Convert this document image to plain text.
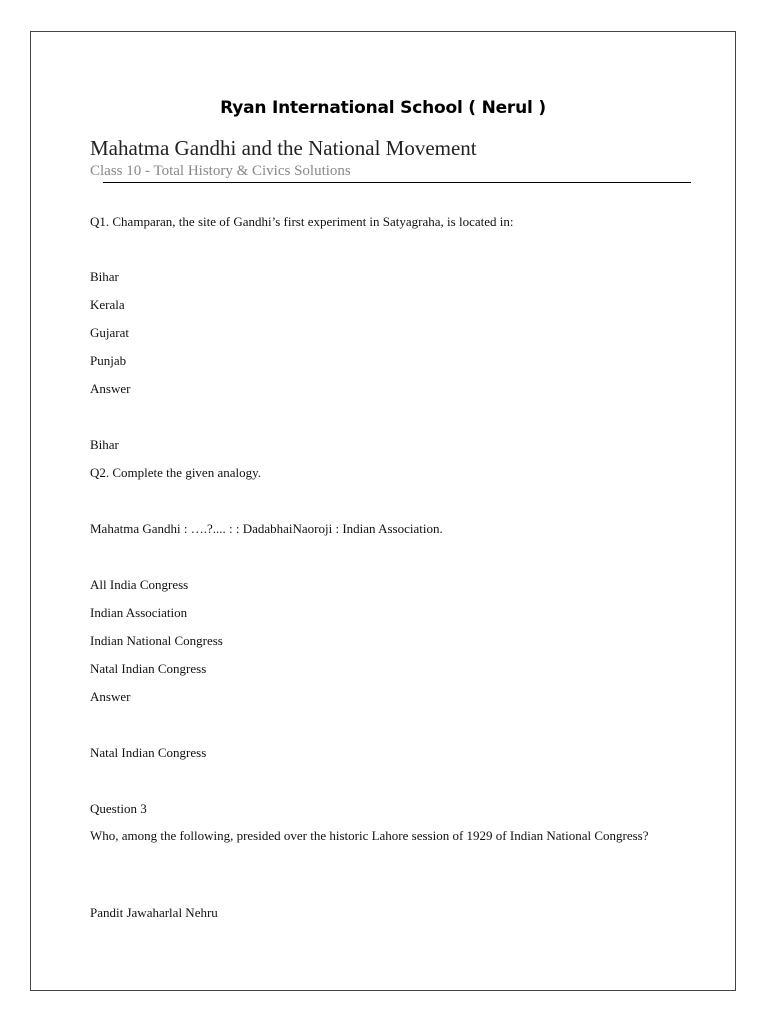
Ryan International School ( Nerul )
Mahatma Gandhi and the National Movement
Class 10 - Total History & Civics Solutions
Q1. Champaran, the site of Gandhi’s first experiment in Satyagraha, is located in:
Bihar
Kerala
Gujarat
Punjab
Answer
Bihar
Q2. Complete the given analogy.
Mahatma Gandhi : ….?.... : : DadabhaiNaoroji : Indian Association.
All India Congress
Indian Association
Indian National Congress
Natal Indian Congress
Answer
Natal Indian Congress
Question 3
Who, among the following, presided over the historic Lahore session of 1929 of Indian National Congress?
Pandit Jawaharlal Nehru
